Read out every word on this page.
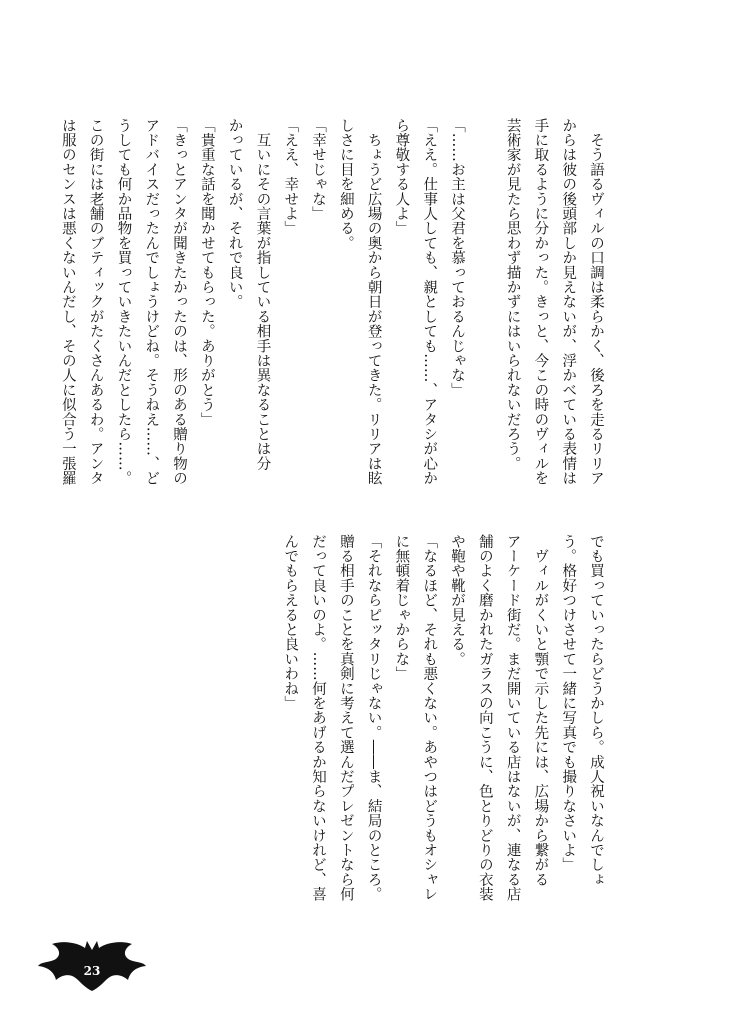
　そう語るヴィルの口調は柔らかく、後ろを走るリリア
からは彼の後頭部しか見えないが、浮かべている表情は
手に取るように分かった。きっと、今この時のヴィルを
芸術家が見たら思わず描かずにはいられないだろう。
「……お主は父君を慕っておるんじゃな」
「ええ。仕事人しても、親としても……、アタシが心か
ら尊敬する人よ」
　ちょうど広場の奥から朝日が登ってきた。リリアは眩
しさに目を細める。
「幸せじゃな」
「ええ、幸せよ」
　互いにその言葉が指している相手は異なることは分
かっているが、それで良い。
「貴重な話を聞かせてもらった。ありがとう」
「きっとアンタが聞きたかったのは、形のある贈り物の
アドバイスだったんでしょうけどね。そうねえ……、ど
うしても何か品物を買っていきたいんだとしたら……。
この街には老舗のブティックがたくさんあるわ。アンタ
は服のセンスは悪くないんだし、その人に似合う一張羅
でも買っていったらどうかしら。成人祝いなんでしょ
う。格好つけさせて一緒に写真でも撮りなさいよ」
　ヴィルがくいと顎で示した先には、広場から繋がる
アーケード街だ。まだ開いている店はないが、連なる店
舗のよく磨かれたガラスの向こうに、色とりどりの衣装
や鞄や靴が見える。
「なるほど、それも悪くない。あやつはどうもオシャレ
に無頓着じゃからな」
「それならピッタリじゃない。――ま、結局のところ。
贈る相手のことを真剣に考えて選んだプレゼントなら何
だって良いのよ。……何をあげるか知らないけれど、喜
んでもらえると良いわね」
23
